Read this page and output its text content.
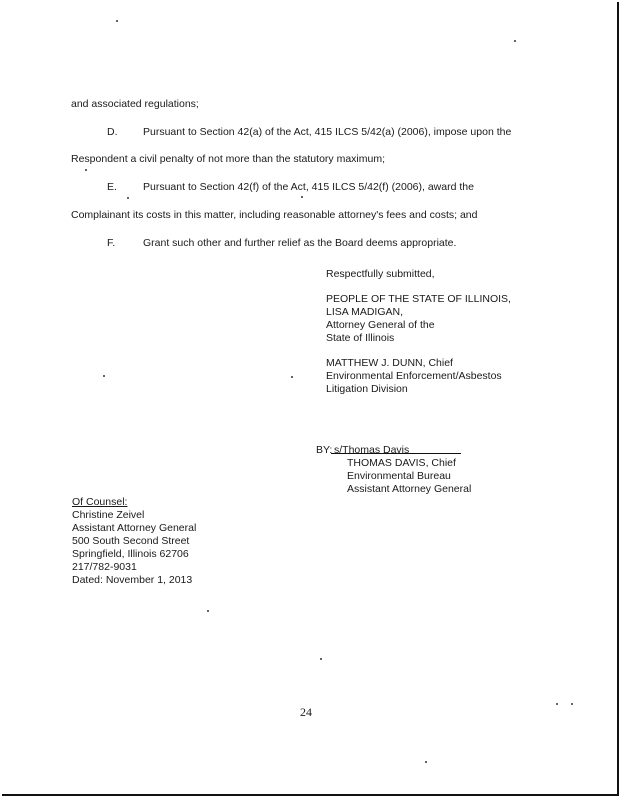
and associated regulations;
D. Pursuant to Section 42(a) of the Act, 415 ILCS 5/42(a) (2006), impose upon the
Respondent a civil penalty of not more than the statutory maximum;
E. Pursuant to Section 42(f) of the Act, 415 ILCS 5/42(f) (2006), award the
Complainant its costs in this matter, including reasonable attorney's fees and costs; and
F.	Grant such other and further relief as the Board deems appropriate.
Respectfully submitted,
PEOPLE OF THE STATE OF ILLINOIS,
LISA MADIGAN,
Attorney General of the
State of Illinois
MATTHEW J. DUNN, Chief
Environmental Enforcement/Asbestos
Litigation Division
BY: s/Thomas Davis
THOMAS DAVIS, Chief
Environmental Bureau
Assistant Attorney General
Of Counsel:
Christine Zeivel
Assistant Attorney General
500 South Second Street
Springfield, Illinois 62706
217/782-9031
Dated: November 1, 2013
24
